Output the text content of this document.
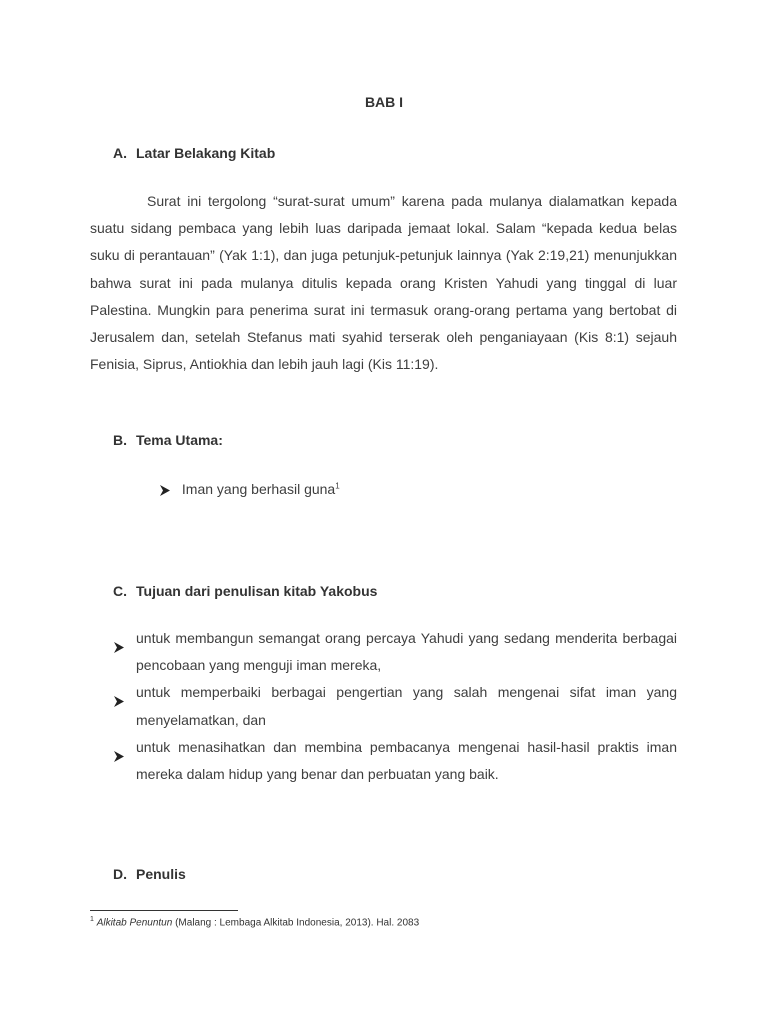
BAB I
A. Latar Belakang Kitab
Surat ini tergolong “surat-surat umum” karena pada mulanya dialamatkan kepada suatu sidang pembaca yang lebih luas daripada jemaat lokal. Salam “kepada kedua belas suku di perantauan” (Yak 1:1), dan juga petunjuk-petunjuk lainnya (Yak 2:19,21) menunjukkan bahwa surat ini pada mulanya ditulis kepada orang Kristen Yahudi yang tinggal di luar Palestina. Mungkin para penerima surat ini termasuk orang-orang pertama yang bertobat di Jerusalem dan, setelah Stefanus mati syahid terserak oleh penganiayaan (Kis 8:1) sejauh Fenisia, Siprus, Antiokhia dan lebih jauh lagi (Kis 11:19).
B. Tema Utama:
Iman yang berhasil guna$^1$
C. Tujuan dari penulisan kitab Yakobus
untuk membangun semangat orang percaya Yahudi yang sedang menderita berbagai pencobaan yang menguji iman mereka,
untuk memperbaiki berbagai pengertian yang salah mengenai sifat iman yang menyelamatkan, dan
untuk menasihatkan dan membina pembacanya mengenai hasil-hasil praktis iman mereka dalam hidup yang benar dan perbuatan yang baik.
D. Penulis
$^1$ Alkitab Penuntun (Malang : Lembaga Alkitab Indonesia, 2013). Hal. 2083
